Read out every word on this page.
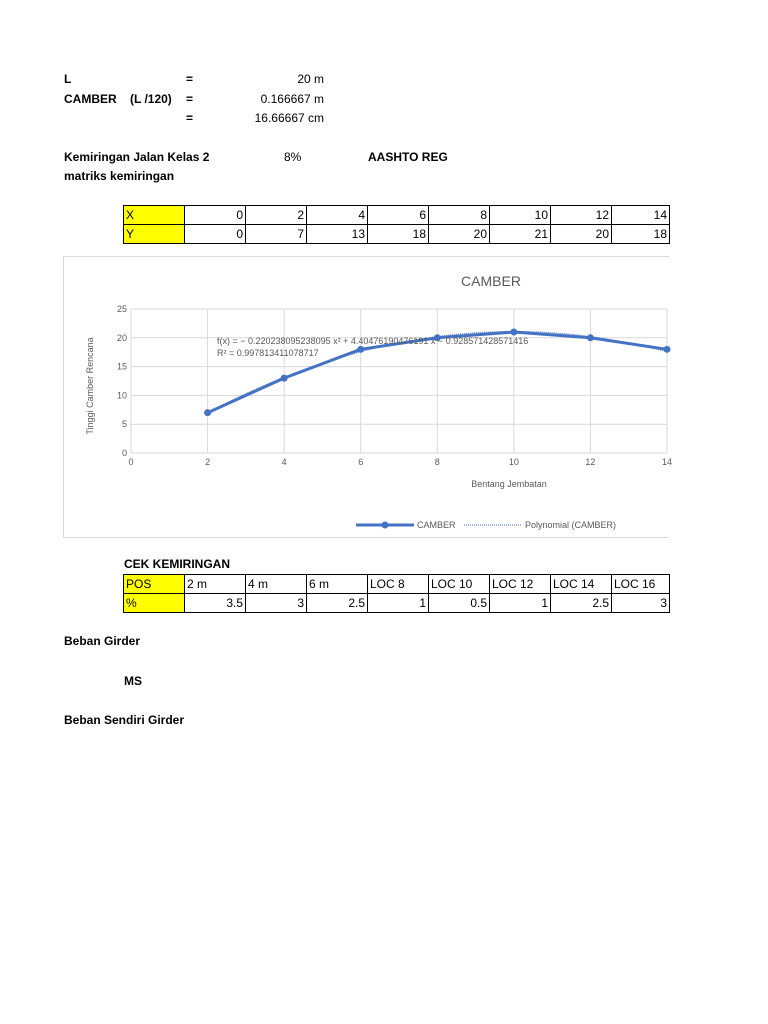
L	=	20 m
CAMBER    (L /120) =	0.166667 m
=	16.66667 cm
Kemiringan Jalan Kelas 2	8%	AASHTO REG
matriks kemiringan
X	0	2	4	6	8	10	12	14
Y	0	7	13	18	20	21	20	18
0
5
10
15
20
25
0	2	4	6	8	10	12	14
CAMBER
Bentang Jembatan
Tinggi Camber Rencana	f(x) = − 0.220238095238095 x² + 4.40476190476191 x − 0.928571428571416
R² = 0.997813411078717
CAMBER	Polynomial (CAMBER)
CEK KEMIRINGAN
POS	2 m	4 m	6 m	LOC 8	LOC 10	LOC 12	LOC 14	LOC 16
%	3.5	3	2.5	1	0.5	1	2.5	3
Beban Girder
MS
Beban Sendiri Girder
